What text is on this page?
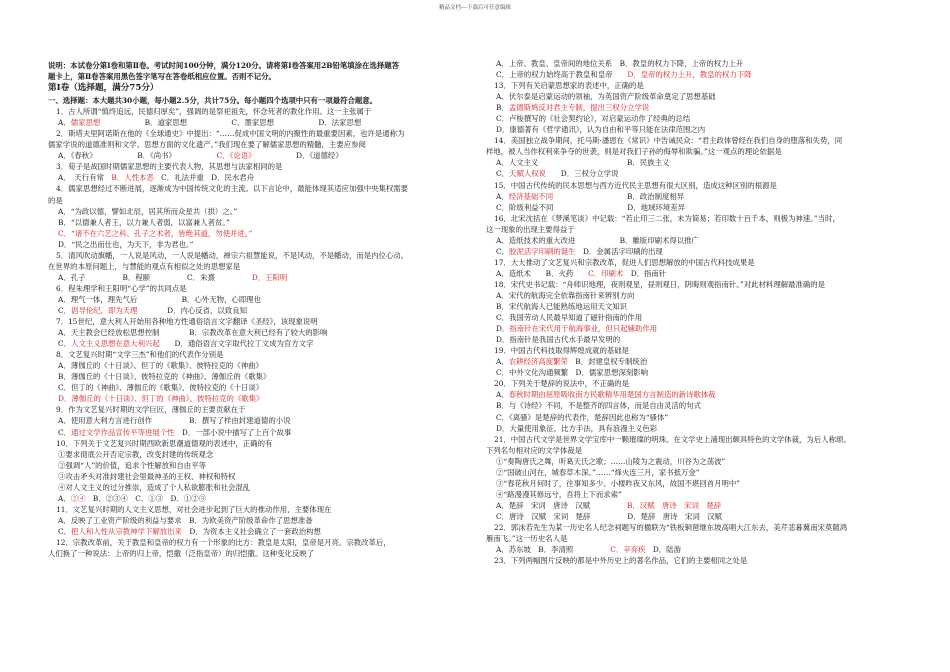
精品文档---下载后可任意编辑
说明：本试卷分第Ⅰ卷和第Ⅱ卷。考试时间100分钟，满分120分。请将第Ⅰ卷答案用2B铅笔填涂在选择题答
题卡上，第Ⅱ卷答案用黑色签字笔写在答卷纸相应位置。否则不记分。
第Ⅰ卷（选择题，满分75分）
一、选择题：本大题共30小题，每小题2.5分，共计75分。每小题四个选项中只有一项最符合题意。
1．古人所谓“慎终追远，民德归厚矣”，强调的是祭祀祖先，怀念死者的教化作用。这一主张属于
A．儒家思想　　　　　　B．道家思想　　　　　　C．墨家思想　　　　　　D．法家思想
2．斯塔夫里阿诺斯在他的《全球通史》中提出：“……促成中国文明的内聚性的最重要因素，也许是通称为
儒家学说的道德准则和文学、思想方面的文化遗产。”我们现在要了解儒家思想的精髓，主要应参阅
A．《春秋》　　　　　　B．《尚书》　　　　　　C．《论语》　　　　　　D．《道德经》
3．荀子是战国时期儒家思想的主要代表人物，其思想与法家相同的是
A．　天行有常　B．人性本恶　C．礼法并重　D．民水君舟
4．儒家思想经过不断进展，逐渐成为中国传统文化的主流。以下言论中，最能体现其适应加强中央集权需要
的是
A．“为政以德，譬如北辰，居其所而众星共（拱）之。”
B．“以德兼人者王，以力兼人者弱，以富兼人者贫。”
C．“诸不在六艺之科、孔子之术者，皆绝其道，勿使并进。”
D．“民之出而仕也，为天下，非为君也。”
5．清风吹动旗幡，一人说是风动，一人说是幡动，禅宗六祖慧能说，不是风动，不是幡动，而是内位心动。
在世界的本原问题上，与慧能的观点有相似之处的思想家是
A．孔子　　　　　B．程颐　　　　　C．朱熹　　　　　D．王阳明
6．程朱理学和王阳明“心学”的共同点是
A．理气一体，理先气后　　　　　　B．心外无物，心即理也
C．倡导伦纪，即为天理　　　　D．内心反省，以致良知
7．15世纪，意大利人开始用各种地方性通俗语言文字翻译《圣经》，该现象说明
A．天主教会已经放松思想控制　　　　B．宗教改革在意大利已经有了较大的影响
C．人文主义思想在意大利兴起　　D．通俗语言文字取代拉丁文成为官方文字
8．文艺复兴时期“文学三杰”和他们的代表作分别是
A．薄伽丘的《十日谈》、但丁的《歌集》、彼特拉克的《神曲》
B．薄伽丘的《十日谈》、彼特拉克的《神曲》、薄伽丘的《歌集》
C．但丁的《神曲》、薄伽丘的《歌集》、彼特拉克的《十日谈》
D．薄伽丘的《十日谈》、但丁的《神曲》、彼特拉克的《歌集》
9．作为文艺复兴时期的文学巨匠，薄伽丘的主要贡献在于
A．使用意大利方言进行创作　　　　　B．撰写了样由封建道德的小说
C．通过文学作品宣传平等进展个性　D．一部小说中描写了上百个故事
10．下列关于文艺复兴时期西欧新思潮道德观的表述中，正确的有
①要求彻底公开否定宗教，改变封建的传统观念
②强调“人”的价值，追求个性解放和自由平等
③攻击矛头对准封建社会里最神圣的王权、神权和特权
④对人文主义的过分推崇，造成了个人私欲膨胀和社会混乱
A．②④　B．②③④　C．①③　D．①②③
11．文艺复兴时期的人文主义思想，对社会进步起到了巨大的推动作用，主要体现在
A．反映了工业资产阶级的利益与要求　B．为欧美资产阶级革命作了思想准备
C．把人和人性从宗教神学下解放出来　D．为资本主义社会确立了一套政治构想
12．宗教改革前，关于教皇和皇帝的权力有一个形象的比方：教皇是太阳，皇帝是月亮。宗教改革后，
人们换了一种说法：上帝的归上帝，恺撒（泛指皇帝）的归恺撒。这种变化反映了
A．上帝、教皇、皇帝间的地位关系　B．教皇的权力下降，上帝的权力上升
C．上帝的权力始终高于教皇和皇帝　　D．皇帝的权力上升，教皇的权力下降
13．下列有关启蒙思想家的表述中，正确的是
A．伏尔泰是启蒙运动的领袖，为英国资产阶级革命奠定了思想基础
B．孟德斯鸠反对君主专制，提出三权分立学说
C．卢梭撰写的《社会契约论》，对启蒙运动作了经典的总结
D．康德著有《哲学通讯》，认为自由和平等只能在法律范围之内
14．美国独立战争期间，托马斯·潘恩在《常识》中告诫民众：“君主政体曾经在我们自身的堕落和失势，同
样地，被人当作权利来争夺的世袭，则是对我们子孙的侮辱和欺骗。”这一观点的理论依据是
A．人文主义　　　　　　　　　　　　B．民族主义
C．天赋人权说　　D．三权分立学说
15．中国古代传统的民本思想与西方近代民主思想有很大区别，造成这种区别的根源是
A．经济基础不同　　　　　　　　　　B．政治制度相异
C．阶级利益不同　　　　　　　　　　D．地域环境差异
16．北宋沈括在《梦溪笔谈》中记载：“若止印三二张，未为简易；若印数十百千本，则极为神速。”当时，
这一现象的出现主要得益于
A．造纸技术的重大改进　　　　　　B．雕版印刷术得以推广
C．胶泥活字印刷的诞生　D．金属活字印刷的出现
17．大大推动了文艺复兴和宗教改革，促进人们思想解放的中国古代科技成果是
A．造纸术　　B．火药　　C．印刷术　D．指南针
18．宋代史书记载：“舟师识地理，夜则观星，昼则观日，阴晦则观指南针。”对此材料理解最准确的是
A．宋代的航海完全依靠指南针来辨别方向
B．宋代航海人已能熟练地运用天文知识
C．我国劳动人民最早知道了磁针指南的作用
D．指南针在宋代用于航海事业，但只起辅助作用
D．指南针是我国古代水手最早发明的
19．中国古代科技取得辉煌成就的基础是
A．农耕经济高度繁荣　B．封建皇权专制统治
C．中外文化沟通频繁　D．儒家思想深刻影响
20．下列关于楚辞的说法中，不正确的是
A．春秋时期由屈原吸收南方民歌精华用楚国方言制造的新诗歌体裁
B．与《诗经》不同，不是整齐的四言体，而是自由灵活的句式
C．《离骚》是楚辞的代表作，楚辞因此也称为“骚体”
D．大量使用象征、比方手法，具有浪漫主义色彩
21．中国古代文学是世界文学宝库中一颗璀璨的明珠。在文学史上涌现出颇具特色的文学体裁，为后人称颂。
下列名句相对应的文学体裁是
①“奏陶唐氏之舞，听葛天氏之歌；……山陵为之震动，川谷为之荡波”
②“国破山河在，城春草木深。”……“烽火连三月，家书抵万金”
③“春花秋月何时了，往事知多少。小楼昨夜又东风，故国不堪回首月明中”
④“路漫漫其修远兮，吾将上下而求索”
A．楚辞　宋词　唐诗　汉赋　　　　　B．汉赋　唐诗　宋词　楚辞
C．唐诗　汉赋　宋词　楚辞　　　　　D．楚辞　唐诗　宋词　汉赋
22．郭沫若先生为某一历史名人纪念祠题写的楹联为“铁板铜琶继东坡高唱大江东去，美芹悲暮冀南宋莫随鸿
雁南飞。”这一历史名人是
A．苏东坡　B．李清照　　　　　C．辛弃疾　D．陆游
23．下列两幅图片反映的都是中外历史上的著名作品，它们的主要相同之处是
